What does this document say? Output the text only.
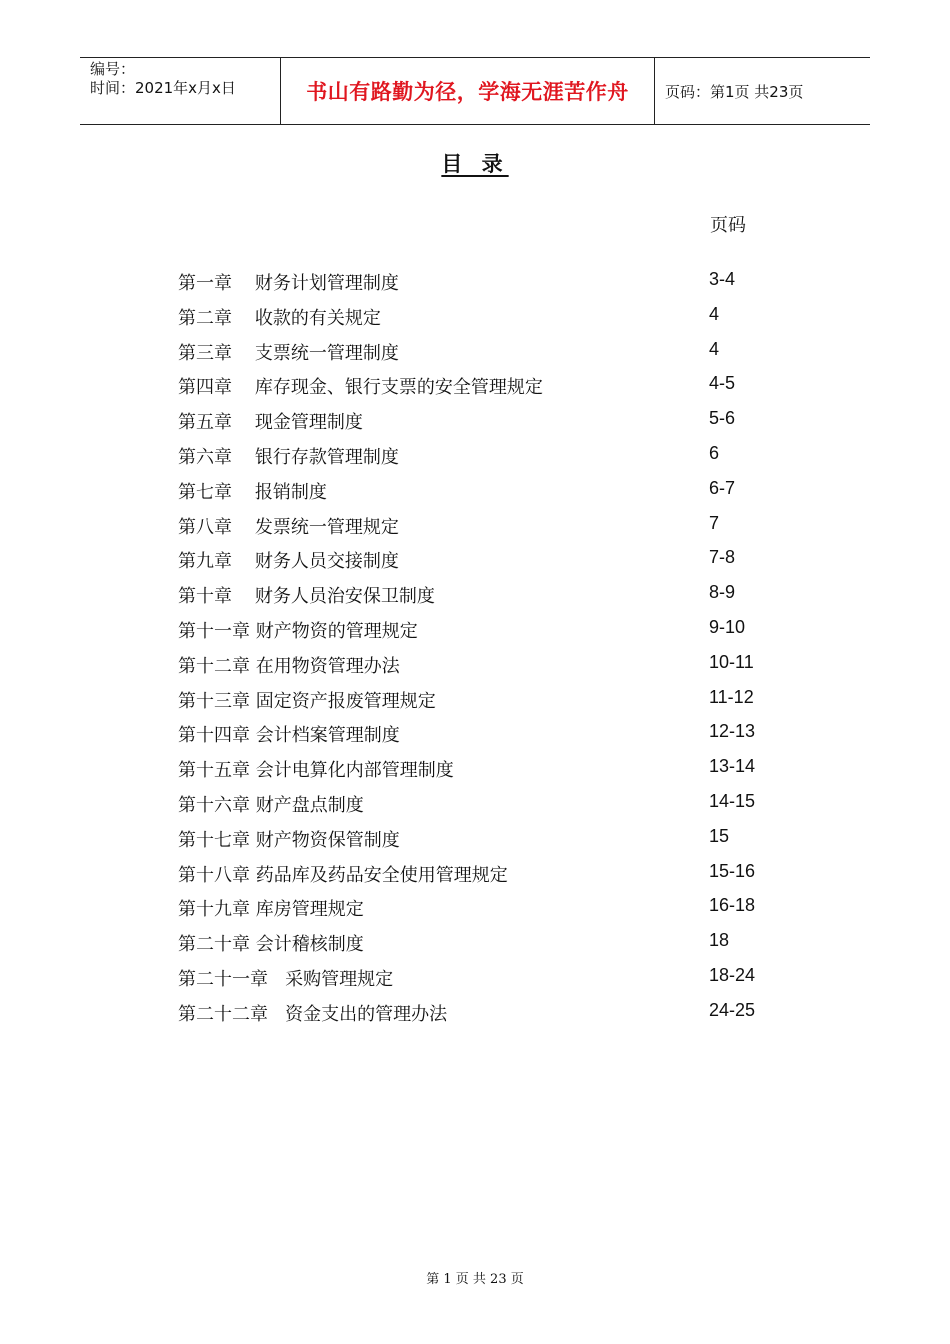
编号：
时间：2021年x月x日	书山有路勤为径，学海无涯苦作舟 页码：第1页 共23页
目 录
页码
第一章    财务计划管理制度	3-4
第二章    收款的有关规定	4
第三章    支票统一管理制度	4
第四章    库存现金、银行支票的安全管理规定	4-5
第五章    现金管理制度	5-6
第六章    银行存款管理制度	6
第七章    报销制度	6-7
第八章    发票统一管理规定	7
第九章    财务人员交接制度	7-8
第十章    财务人员治安保卫制度	8-9
第十一章 财产物资的管理规定	9-10
第十二章 在用物资管理办法	10-11
第十三章 固定资产报废管理规定	11-12
第十四章 会计档案管理制度	12-13
第十五章 会计电算化内部管理制度	13-14
第十六章 财产盘点制度	14-15
第十七章 财产物资保管制度	15
第十八章 药品库及药品安全使用管理规定	15-16
第十九章 库房管理规定	16-18
第二十章 会计稽核制度	18
第二十一章   采购管理规定	18-24
第二十二章   资金支出的管理办法	24-25
第 1 页 共 23 页
